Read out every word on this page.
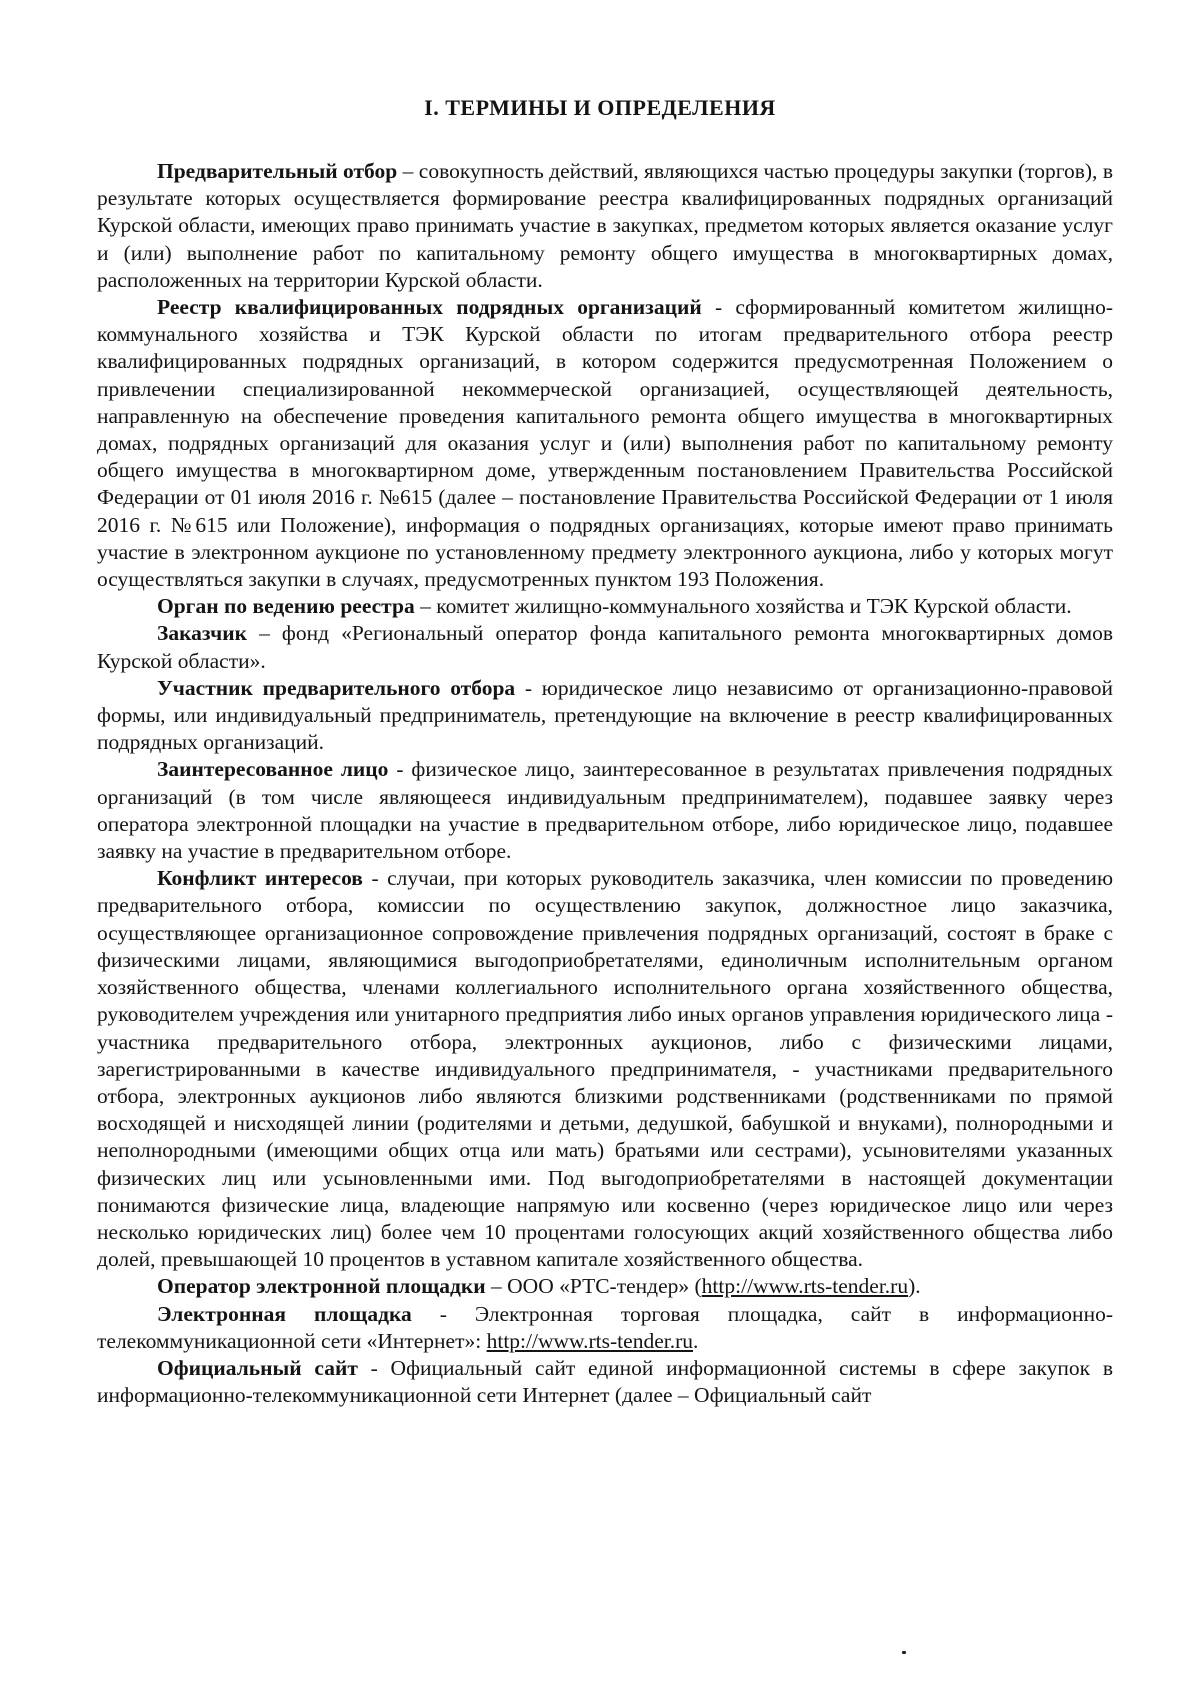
I. ТЕРМИНЫ И ОПРЕДЕЛЕНИЯ

Предварительный отбор – совокупность действий, являющихся частью процедуры закупки (торгов), в результате которых осуществляется формирование реестра квалифицированных подрядных организаций Курской области, имеющих право принимать участие в закупках, предметом которых является оказание услуг и (или) выполнение работ по капитальному ремонту общего имущества в многоквартирных домах, расположенных на территории Курской области.

Реестр квалифицированных подрядных организаций - сформированный комитетом жилищно-коммунального хозяйства и ТЭК Курской области по итогам предварительного отбора реестр квалифицированных подрядных организаций, в котором содержится предусмотренная Положением о привлечении специализированной некоммерческой организацией, осуществляющей деятельность, направленную на обеспечение проведения капитального ремонта общего имущества в многоквартирных домах, подрядных организаций для оказания услуг и (или) выполнения работ по капитальному ремонту общего имущества в многоквартирном доме, утвержденным постановлением Правительства Российской Федерации от 01 июля 2016 г. №615 (далее – постановление Правительства Российской Федерации от 1 июля 2016 г. №615 или Положение), информация о подрядных организациях, которые имеют право принимать участие в электронном аукционе по установленному предмету электронного аукциона, либо у которых могут осуществляться закупки в случаях, предусмотренных пунктом 193 Положения.

Орган по ведению реестра – комитет жилищно-коммунального хозяйства и ТЭК Курской области.

Заказчик – фонд «Региональный оператор фонда капитального ремонта многоквартирных домов Курской области».

Участник предварительного отбора - юридическое лицо независимо от организационно-правовой формы, или индивидуальный предприниматель, претендующие на включение в реестр квалифицированных подрядных организаций.

Заинтересованное лицо - физическое лицо, заинтересованное в результатах привлечения подрядных организаций (в том числе являющееся индивидуальным предпринимателем), подавшее заявку через оператора электронной площадки на участие в предварительном отборе, либо юридическое лицо, подавшее заявку на участие в предварительном отборе.

Конфликт интересов - случаи, при которых руководитель заказчика, член комиссии по проведению предварительного отбора, комиссии по осуществлению закупок, должностное лицо заказчика, осуществляющее организационное сопровождение привлечения подрядных организаций, состоят в браке с физическими лицами, являющимися выгодоприобретателями, единоличным исполнительным органом хозяйственного общества, членами коллегиального исполнительного органа хозяйственного общества, руководителем учреждения или унитарного предприятия либо иных органов управления юридического лица - участника предварительного отбора, электронных аукционов, либо с физическими лицами, зарегистрированными в качестве индивидуального предпринимателя, - участниками предварительного отбора, электронных аукционов либо являются близкими родственниками (родственниками по прямой восходящей и нисходящей линии (родителями и детьми, дедушкой, бабушкой и внуками), полнородными и неполнородными (имеющими общих отца или мать) братьями или сестрами), усыновителями указанных физических лиц или усыновленными ими. Под выгодоприобретателями в настоящей документации понимаются физические лица, владеющие напрямую или косвенно (через юридическое лицо или через несколько юридических лиц) более чем 10 процентами голосующих акций хозяйственного общества либо долей, превышающей 10 процентов в уставном капитале хозяйственного общества.

Оператор электронной площадки – ООО «РТС-тендер» (http://www.rts-tender.ru).

Электронная площадка - Электронная торговая площадка, сайт в информационно-телекоммуникационной сети «Интернет»: http://www.rts-tender.ru.

Официальный сайт - Официальный сайт единой информационной системы в сфере закупок в информационно-телекоммуникационной сети Интернет (далее – Официальный сайт
